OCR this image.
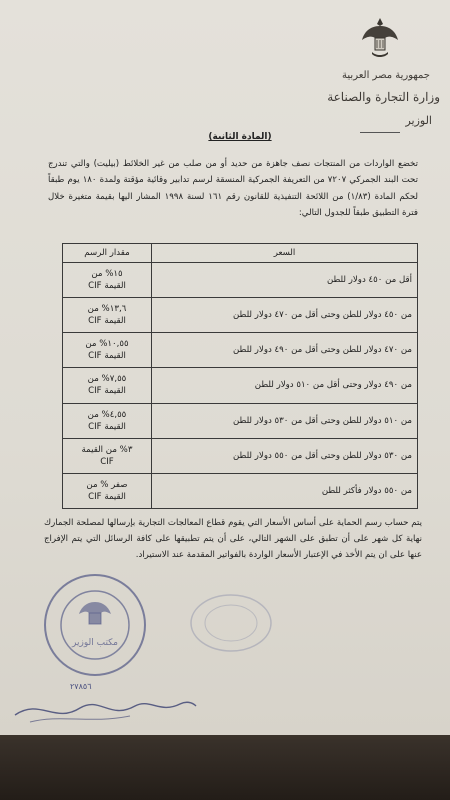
جمهورية مصر العربية
وزارة التجارة والصناعة
الوزير
(المادة الثانية)
تخضع الواردات من المنتجات نصف جاهزة من حديد أو من صلب من غير الخلائط (بيليت) والتي تندرج تحت البند الجمركي ٧٢٠٧ من التعريفة الجمركية المنسقة لرسم تدابير وقائية مؤقتة ولمدة ١٨٠ يوم طبقاً لحكم المادة (١/٨٣) من اللائحة التنفيذية للقانون رقم ١٦١ لسنة ١٩٩٨ المشار اليها بقيمة متغيرة خلال فترة التطبيق طبقاً للجدول التالي:
السعر	مقدار الرسم
أقل من ٤٥٠ دولار للطن	١٥% من
القيمة CIF

من ٤٥٠ دولار للطن وحتى أقل من ٤٧٠ دولار للطن	١٣,٦% من
القيمة CIF

من ٤٧٠ دولار للطن وحتى أقل من ٤٩٠ دولار للطن	١٠,٥٥% من
القيمة CIF

من ٤٩٠ دولار وحتى أقل من ٥١٠ دولار للطن	٧,٥٥% من
القيمة CIF

من ٥١٠ دولار للطن وحتى أقل من ٥٣٠ دولار للطن	٤,٥٥% من
القيمة CIF

من ٥٣٠ دولار للطن وحتى أقل من ٥٥٠ دولار للطن	٣% من القيمة
CIF

من ٥٥٠ دولار فأكثر للطن	صفر % من
القيمة CIF
يتم حساب رسم الحماية على أساس الأسعار التي يقوم قطاع المعالجات التجارية بإرسالها لمصلحة الجمارك نهاية كل شهر على أن تطبق على الشهر التالي، على أن يتم تطبيقها على كافة الرسائل التي يتم الإفراج عنها على ان يتم الأخذ في الإعتبار الأسعار الواردة بالفواتير المقدمة عند الاستيراد.
مكتب الوزير
٢٧٨٥٦
